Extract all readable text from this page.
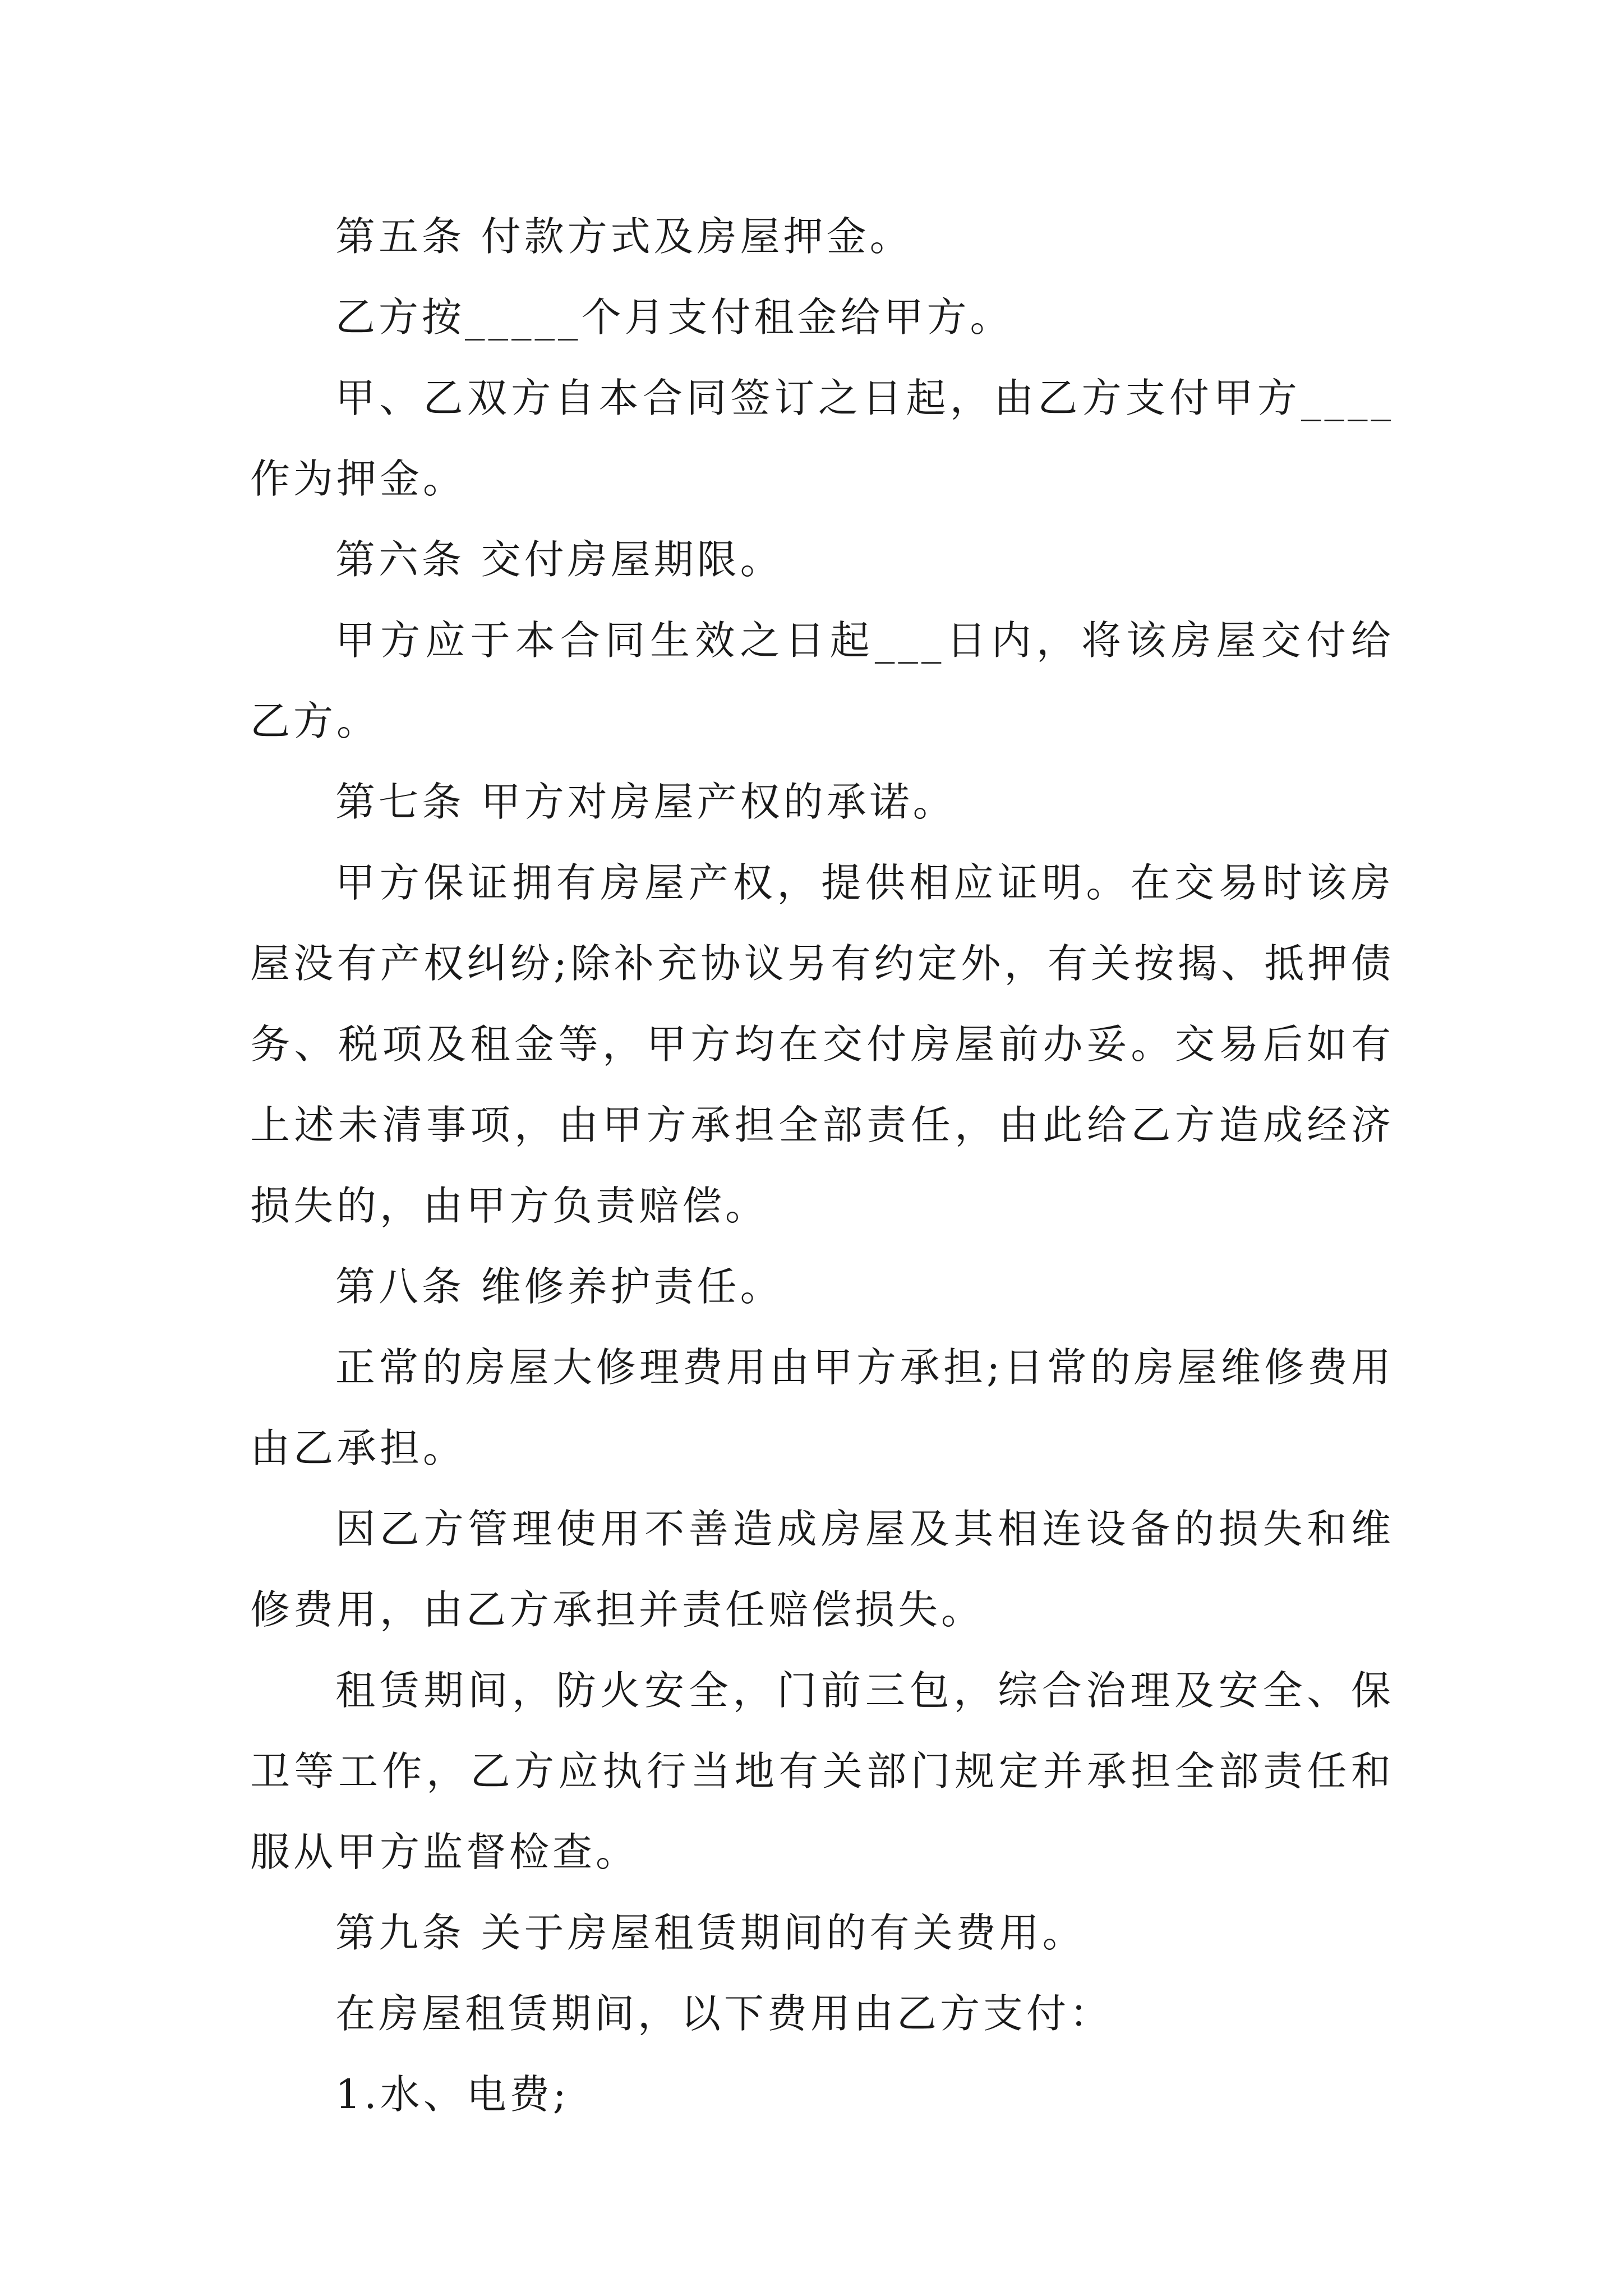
第五条 付款方式及房屋押金。

乙方按_____个月支付租金给甲方。

甲、乙双方自本合同签订之日起，由乙方支付甲方____作为押金。

第六条 交付房屋期限。

甲方应于本合同生效之日起___日内，将该房屋交付给乙方。

第七条 甲方对房屋产权的承诺。

甲方保证拥有房屋产权，提供相应证明。在交易时该房屋没有产权纠纷;除补充协议另有约定外，有关按揭、抵押债务、税项及租金等，甲方均在交付房屋前办妥。交易后如有上述未清事项，由甲方承担全部责任，由此给乙方造成经济损失的，由甲方负责赔偿。

第八条 维修养护责任。

正常的房屋大修理费用由甲方承担;日常的房屋维修费用由乙承担。

因乙方管理使用不善造成房屋及其相连设备的损失和维修费用，由乙方承担并责任赔偿损失。

租赁期间，防火安全，门前三包，综合治理及安全、保卫等工作，乙方应执行当地有关部门规定并承担全部责任和服从甲方监督检查。

第九条 关于房屋租赁期间的有关费用。

在房屋租赁期间，以下费用由乙方支付：

1.水、电费;
